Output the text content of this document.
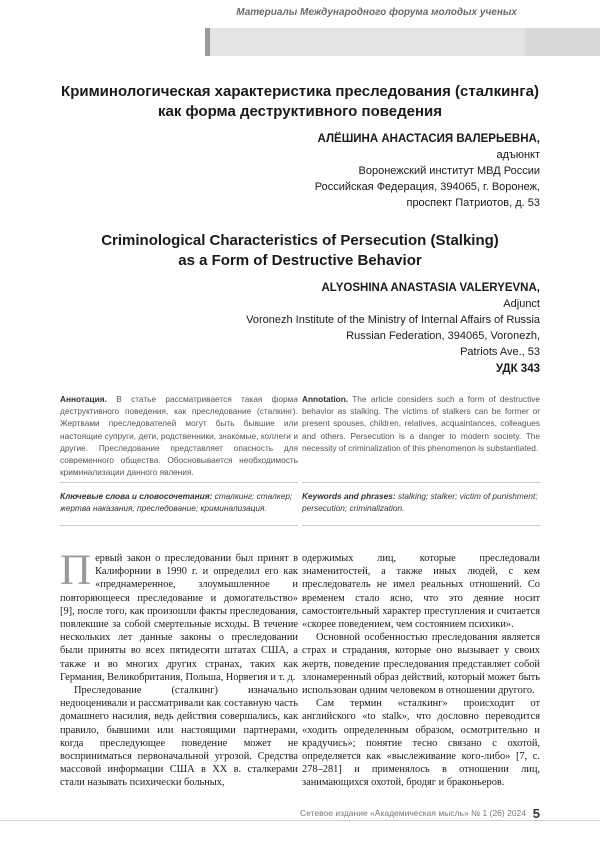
Материалы Международного форума молодых ученых
Криминологическая характеристика преследования (сталкинга)
как форма деструктивного поведения
АЛЁШИНА АНАСТАСИЯ ВАЛЕРЬЕВНА,
адъюнкт
Воронежский институт МВД России
Российская Федерация, 394065, г. Воронеж,
проспект Патриотов, д. 53
Criminological Characteristics of Persecution (Stalking)
as a Form of Destructive Behavior
ALYOSHINA ANASTASIA VALERYEVNA,
Adjunct
Voronezh Institute of the Ministry of Internal Affairs of Russia
Russian Federation, 394065, Voronezh,
Patriots Ave., 53
УДК 343
Аннотация. В статье рассматривается такая форма деструктивного поведения, как преследование (сталкинг). Жертвами преследователей могут быть бывшие или настоящие супруги, дети, родственники, знакомые, коллеги и другие. Преследование представляет опасность для современного общества. Обосновывается необходимость криминализации данного явления.
Annotation. The article considers such a form of destructive behavior as stalking. The victims of stalkers can be former or present spouses, children, relatives, acquaintances, colleagues and others. Persecution is a danger to modern society. The necessity of criminalization of this phenomenon is substantiated.
Ключевые слова и словосочетания: сталкинг; сталкер; жертва наказания; преследование; криминализация.
Keywords and phrases: stalking; stalker; victim of punishment; persecution; criminalization.

Первый закон о преследовании был принят в Калифорнии в 1990 г. и определил его как «преднамеренное, злоумышленное и повторяющееся преследование и домогательство» [9], после того, как произошли факты преследования, повлекшие за собой смертельные исходы. В течение нескольких лет данные законы о преследовании были приняты во всех пятидесяти штатах США, а также и во многих других странах, таких как Германия, Великобритания, Польша, Норвегия и т. д.

Преследование (сталкинг) изначально недооценивали и рассматривали как составную часть домашнего насилия, ведь действия совершались, как правило, бывшими или настоящими партнерами, когда преследующее поведение может не восприниматься первоначальной угрозой. Средства массовой информации США в XX в. сталкерами стали называть психически больных,

одержимых лиц, которые преследовали знаменитостей, а также иных людей, с кем преследователь не имел реальных отношений. Со временем стало ясно, что это деяние носит самостоятельный характер преступления и считается «скорее поведением, чем состоянием психики».

Основной особенностью преследования является страх и страдания, которые оно вызывает у своих жертв, поведение преследования представляет собой злонамеренный образ действий, который может быть использован одним человеком в отношении другого.

Сам термин «сталкинг» происходит от английского «to stalk», что дословно переводится «ходить определенным образом, осмотрительно и крадучись»; понятие тесно связано с охотой, определяется как «выслеживание кого-либо» [7, с. 278–281] и применялось в отношении лиц, занимающихся охотой, бродяг и браконьеров.

Сетевое издание «Академическая мысль» № 1 (26) 2024 5
